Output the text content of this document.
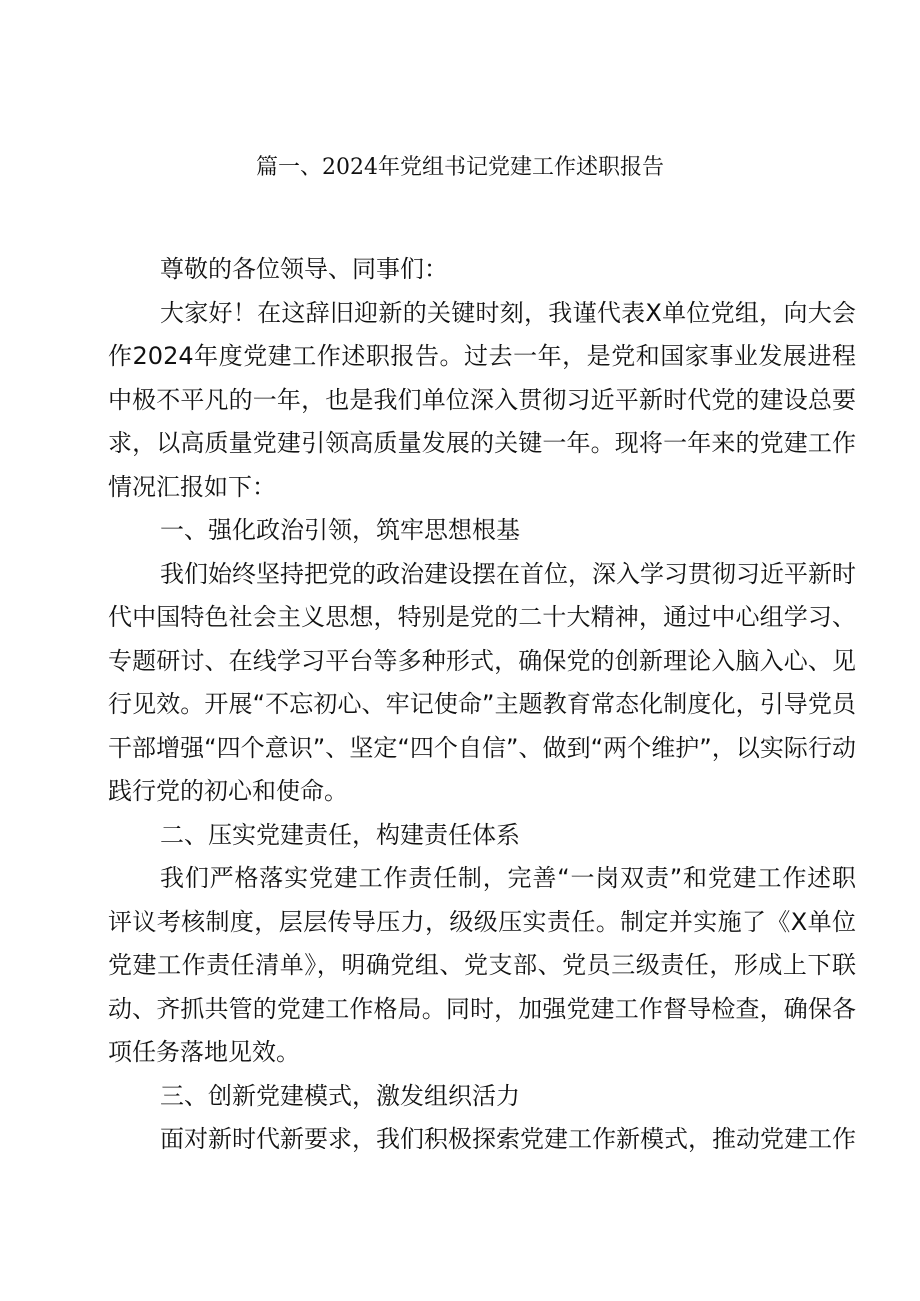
篇一、2024年党组书记党建工作述职报告

尊敬的各位领导、同事们：

大家好！在这辞旧迎新的关键时刻，我谨代表X单位党组，向大会作2024年度党建工作述职报告。过去一年，是党和国家事业发展进程中极不平凡的一年，也是我们单位深入贯彻习近平新时代党的建设总要求，以高质量党建引领高质量发展的关键一年。现将一年来的党建工作情况汇报如下：

一、强化政治引领，筑牢思想根基

我们始终坚持把党的政治建设摆在首位，深入学习贯彻习近平新时代中国特色社会主义思想，特别是党的二十大精神，通过中心组学习、专题研讨、在线学习平台等多种形式，确保党的创新理论入脑入心、见行见效。开展“不忘初心、牢记使命”主题教育常态化制度化，引导党员干部增强“四个意识”、坚定“四个自信”、做到“两个维护”，以实际行动践行党的初心和使命。

二、压实党建责任，构建责任体系

我们严格落实党建工作责任制，完善“一岗双责”和党建工作述职评议考核制度，层层传导压力，级级压实责任。制定并实施了《X单位党建工作责任清单》，明确党组、党支部、党员三级责任，形成上下联动、齐抓共管的党建工作格局。同时，加强党建工作督导检查，确保各项任务落地见效。

三、创新党建模式，激发组织活力

面对新时代新要求，我们积极探索党建工作新模式，推动党建工作
